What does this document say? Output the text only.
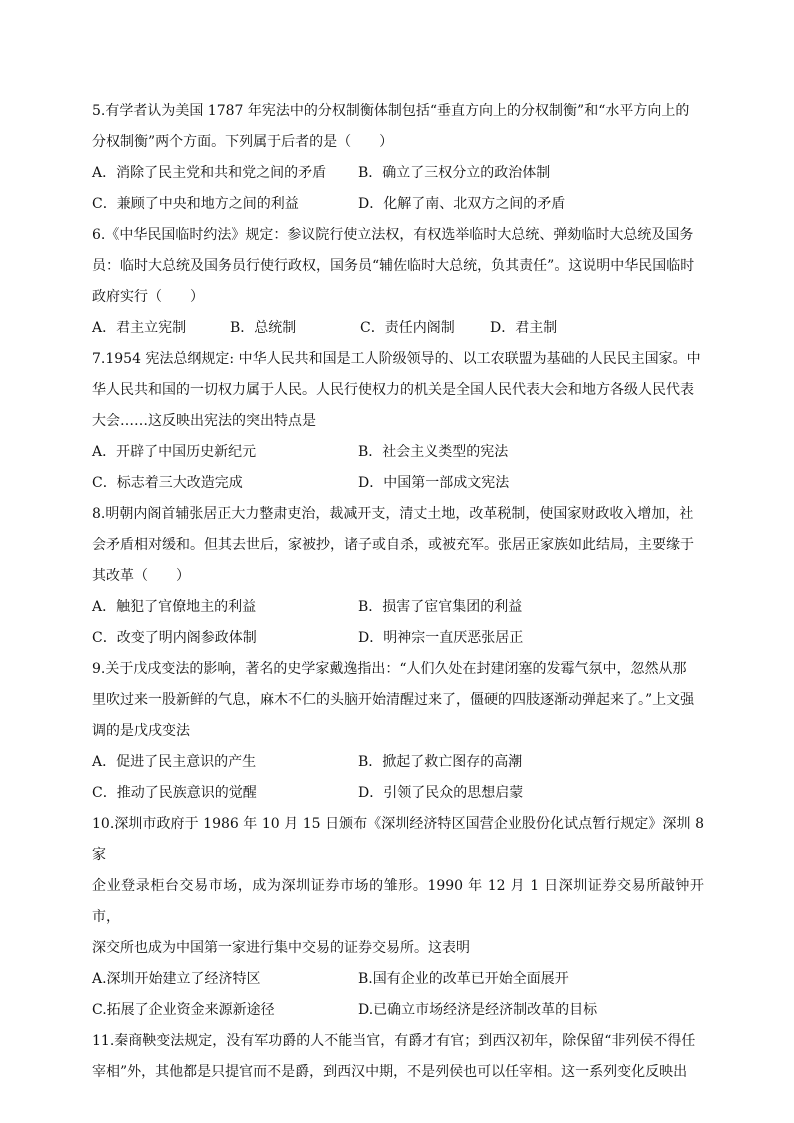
5.有学者认为美国 1787 年宪法中的分权制衡体制包括“垂直方向上的分权制衡”和“水平方向上的
分权制衡”两个方面。下列属于后者的是（　　）
A．消除了民主党和共和党之间的矛盾	B．确立了三权分立的政治体制
C．兼顾了中央和地方之间的利益	D．化解了南、北双方之间的矛盾
6.《中华民国临时约法》规定：参议院行使立法权，有权选举临时大总统、弹劾临时大总统及国务
员：临时大总统及国务员行使行政权，国务员“辅佐临时大总统，负其责任”。这说明中华民国临时
政府实行（　　）
A．君主立宪制	B．总统制	C．责任内阁制	D．君主制
7.1954 宪法总纲规定: 中华人民共和国是工人阶级领导的、以工农联盟为基础的人民民主国家。中
华人民共和国的一切权力属于人民。人民行使权力的机关是全国人民代表大会和地方各级人民代表
大会……这反映出宪法的突出特点是
A．开辟了中国历史新纪元	B．社会主义类型的宪法
C．标志着三大改造完成	D．中国第一部成文宪法
8.明朝内阁首辅张居正大力整肃吏治，裁减开支，清丈土地，改革税制，使国家财政收入增加，社
会矛盾相对缓和。但其去世后，家被抄，诸子或自杀，或被充军。张居正家族如此结局，主要缘于
其改革（　　）
A．触犯了官僚地主的利益	B．损害了宦官集团的利益
C．改变了明内阁参政体制	D．明神宗一直厌恶张居正
9.关于戊戌变法的影响，著名的史学家戴逸指出：“人们久处在封建闭塞的发霉气氛中，忽然从那
里吹过来一股新鲜的气息，麻木不仁的头脑开始清醒过来了，僵硬的四肢逐渐动弹起来了。”上文强
调的是戊戌变法
A．促进了民主意识的产生	B．掀起了救亡图存的高潮
C．推动了民族意识的觉醒	D．引领了民众的思想启蒙
10.深圳市政府于 1986 年 10 月 15 日颁布《深圳经济特区国营企业股份化试点暂行规定》深圳 8 家
企业登录柜台交易市场，成为深圳证券市场的雏形。1990 年 12 月 1 日深圳证券交易所敲钟开市，
深交所也成为中国第一家进行集中交易的证券交易所。这表明
A.深圳开始建立了经济特区	B.国有企业的改革已开始全面展开
C.拓展了企业资金来源新途径	D.已确立市场经济是经济制改革的目标
11.秦商鞅变法规定，没有军功爵的人不能当官，有爵才有官；到西汉初年，除保留“非列侯不得任
宰相”外，其他都是只提官而不是爵，到西汉中期，不是列侯也可以任宰相。这一系列变化反映出
